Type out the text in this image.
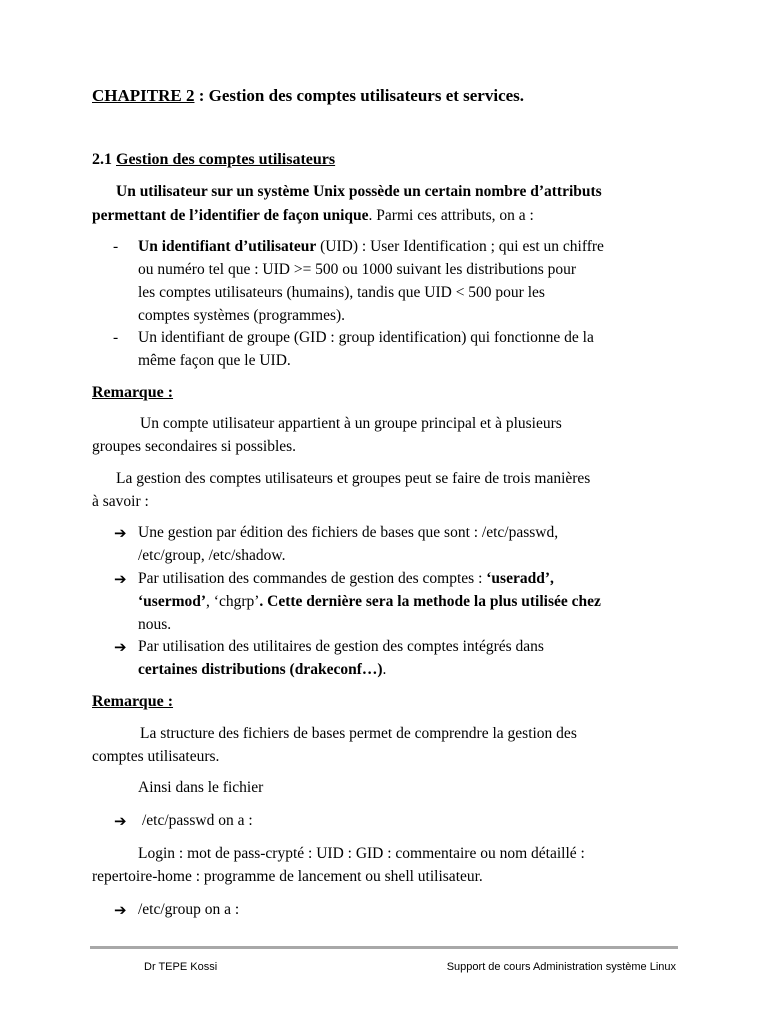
CHAPITRE 2 : Gestion des comptes utilisateurs et services.
2.1 Gestion des comptes utilisateurs
Un utilisateur sur un système Unix possède un certain nombre d’attributs
permettant de l’identifier de façon unique. Parmi ces attributs, on a :
- Un identifiant d’utilisateur (UID) : User Identification ; qui est un chiffre
ou numéro tel que : UID >= 500 ou 1000 suivant les distributions pour
les comptes utilisateurs (humains), tandis que UID < 500 pour les
comptes systèmes (programmes).
- Un identifiant de groupe (GID : group identification) qui fonctionne de la
même façon que le UID.
Remarque :
Un compte utilisateur appartient à un groupe principal et à plusieurs
groupes secondaires si possibles.
La gestion des comptes utilisateurs et groupes peut se faire de trois manières
à savoir :
➔ Une gestion par édition des fichiers de bases que sont : /etc/passwd,
/etc/group, /etc/shadow.
➔ Par utilisation des commandes de gestion des comptes : ‘useradd’,
‘usermod’, ‘chgrp’. Cette dernière sera la methode la plus utilisée chez
nous.
➔ Par utilisation des utilitaires de gestion des comptes intégrés dans
certaines distributions (drakeconf…).
Remarque :
La structure des fichiers de bases permet de comprendre la gestion des
comptes utilisateurs.
Ainsi dans le fichier
➔ /etc/passwd on a :
Login : mot de pass-crypté : UID : GID : commentaire ou nom détaillé :
repertoire-home : programme de lancement ou shell utilisateur.
➔ /etc/group on a :
Dr TEPE Kossi	Support de cours Administration système Linux
